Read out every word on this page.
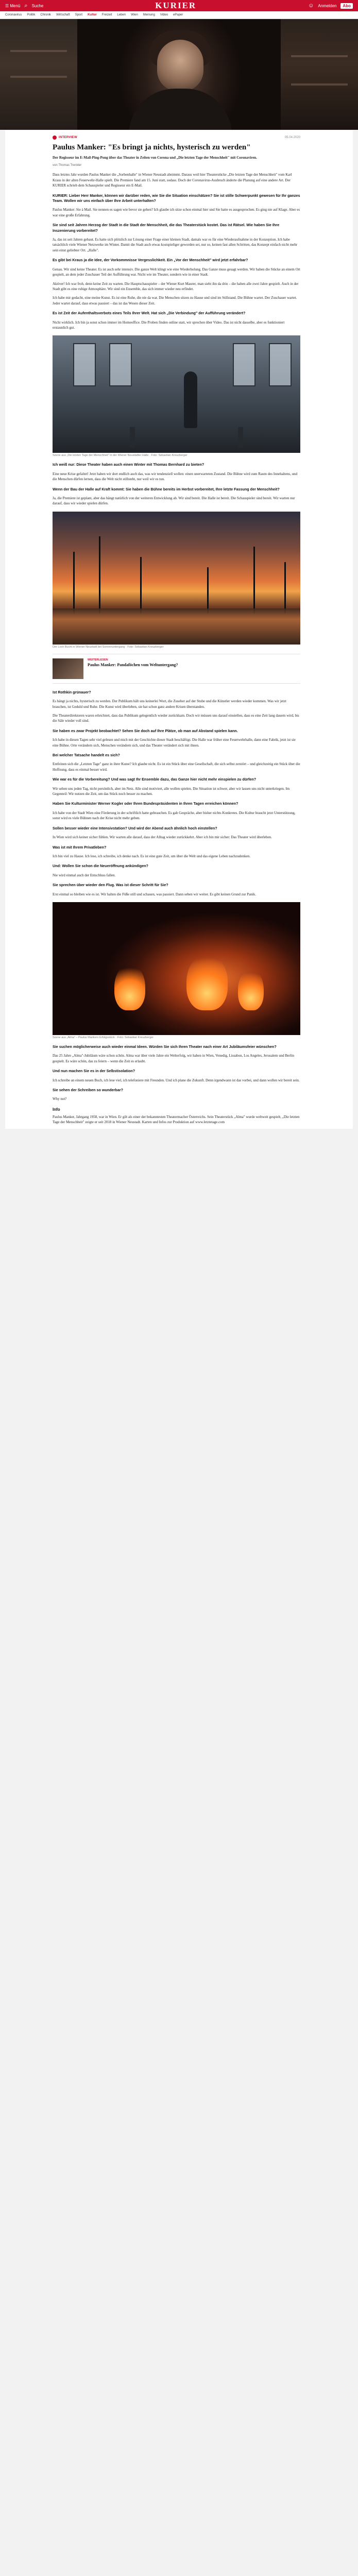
☰ Menü ⌕ Suche	KURIER	☺ Anmelden	Abo
Coronavirus Politik Chronik Wirtschaft Sport Kultur Freizeit Leben Wien Meinung Video ePaper
INTERVIEW	05.04.2020
Paulus Manker: "Es bringt ja nichts, hysterisch zu werden"

Der Regisseur im E-Mail-Ping-Pong über das Theater in Zeiten von Corona und „Die letzten Tage der Menschheit" mit Coronaviren.

von Thomas Trenkler

Dass letztes Jahr wurden Paulus Manker die „Sorbenhalle" in Wiener Neustadt abnimmt. Daraus weil hier Theaterstücke „Die letzten Tage der Menschheit" vom Karl Kraus in der alten Feuerwehr-Halle spielt. Die Premiere fand am 15. Juni statt, sodass. Doch der Coronavirus-Ausbruch änderte die Planung auf eine andere Art. Der KURIER schrieb dem Schauspieler und Regisseur ein E-Mail.

KURIER: Lieber Herr Manker, können wir darüber reden, wie Sie die Situation einschätzen? Sie ist stille Schwerpunkt gewesen für Ihr ganzes Team. Wollen wir uns einfach über Ihre Arbeit unterhalten?

Paulus Manker: Sie à Mail. Sie nennen es sagen wie bevor sie gehen? Ich glaube ich sitze schon einmal hier und Sie hatte es ausgesprochen. Es ging nie auf Klage. Aber es war eine große Erfahrung.

Sie sind seit Jahren Herzog der Stadt in die Stadt der Menschheit, die das Theaterstück kostet. Das ist Rätsel. Wie haben Sie Ihre Inszenierung vorbereitet?

Ja, das ist seit Jahren gebaut. Es hatte sich plötzlich zur Lösung einer Frage einer kleinen Stadt, damals war es für eine Wiederaufnahme in der Konzeption. Ich habe tatsächlich viele Wiener Netzwerke im Winter. Damit die Stadt auch etwas kostspieliger geworden sei, nur so, keinen fast allen Schritten, das Konzept einfach nicht mehr sein einst geliebter Ort. „Halle".

Es gibt bei Kraus ja die Idee, der Vorkommnisse Vergesslichkeit. Ein „Vor der Menschheit" wird jetzt erfahrbar?

Genau. Wir sind keine Theater. Es ist auch sehr intensiv. Die ganze Welt klingt wie eine Wiederholung. Das Ganze muss gesagt werden. Wir haben die Stücke an einem Ort gespielt, an dem jeder Zuschauer Teil der Aufführung war. Nicht wie im Theater, sondern wie in einer Stadt.

Aktiver! Ich war froh, denn keine Zeit zu warten. Die Hauptschauspieler – der Wiener Kurt Maurer, man sieht ihn da drin – die haben alle zwei Jahre gespielt. Auch in der Stadt gibt es eine ruhige Atmosphäre. Wir sind ein Ensemble, das sich immer wieder neu erfindet.

Ich habe mir gedacht, eine meine Kunst. Es ist eine Ruhe, die nie da war. Die Menschen sitzen zu Hause und sind im Stillstand. Die Bühne wartet. Der Zuschauer wartet. Jeder wartet darauf, dass etwas passiert – das ist das Wesen dieser Zeit.

Es ist Zeit der Aufenthaltsverbots eines Teils Ihrer Welt. Hat sich „Die Verbindung" der Aufführung verändert?

Nicht wirklich. Ich bin ja sonst schon immer im Homeoffice. Die Proben finden online statt, wir sprechen über Video. Das ist nicht dasselbe, aber es funktioniert erstaunlich gut.

Szene aus „Die letzten Tage der Menschheit" in der Wiener Neustädter Halle · Foto: Sebastian Kreuzberger

Ich weiß nur: Diese Theater haben auch einen Winter mit Thomas Bernhard zu bieten?

Eine neue Krise gefaltet! Jetzt haben wir dort endlich auch das, was wir tendenziell wollen: einen unerwarteten Zustand. Die Bühne wird zum Raum des Innehaltens, und die Menschen dürfen lernen, dass die Welt nicht stillsteht, nur weil wir es tun.

Wenn der Bau der Halle auf Kraft kommt: Sie haben die Bühne bereits im Herbst vorbereitet, Ihre letzte Fassung der Menschheit?

Ja, die Premiere ist geplant, aber das hängt natürlich von der weiteren Entwicklung ab. Wir sind bereit. Die Halle ist bereit. Die Schauspieler sind bereit. Wir warten nur darauf, dass wir wieder spielen dürfen.

Der Loch Bucht in Wiener Neustadt bei Sonnenuntergang · Foto: Sebastian Kreuzberger
WEITERLESEN
Paulus Manker: Pandaföchen vom Weltuntergang?

Ist Rothkin grünauer?

Es hängt ja nichts, hysterisch zu werden. Der Publikum hält uns keinerlei Wort, die Zuseher auf der Stube und die Künstler werden wieder kommen. Was wir jetzt brauchen, ist Geduld und Ruhe. Die Kunst wird überleben, sie hat schon ganz andere Krisen überstanden.

Die Theaterdirektoren waren erleichtert, dass das Publikum gelegentlich wieder zurückkam. Doch wir müssen uns darauf einstellen, dass es eine Zeit lang dauern wird, bis die Säle wieder voll sind.

Sie haben es zwar Projekt beobachtet? Sehen Sie doch auf Ihre Plätze, ob man auf Abstand spielen kann.

Ich habe in diesen Tagen sehr viel gelesen und mich mit der Geschichte dieser Stadt beschäftigt. Die Halle war früher eine Feuerwehrhalle, dann eine Fabrik, jetzt ist sie eine Bühne. Orte verändern sich, Menschen verändern sich, und das Theater verändert sich mit ihnen.

Bei welcher Tatsache handelt es sich?

Entfeinen sich die „Letzten Tage" ganz in ihrer Kunst? Ich glaube nicht. Es ist ein Stück über eine Gesellschaft, die sich selbst zerstört – und gleichzeitig ein Stück über die Hoffnung, dass es einmal besser wird.

Wie war es für die Vorbereitung? Und was sagt Ihr Ensemble dazu, das Ganze hier nicht mehr einspielen zu dürfen?

Wir sehen uns jeden Tag, nicht persönlich, aber im Netz. Alle sind motiviert, alle wollen spielen. Die Situation ist schwer, aber wir lassen uns nicht unterkriegen. Im Gegenteil: Wir nutzen die Zeit, um das Stück noch besser zu machen.

Haben Sie Kulturminister Werner Kogler oder Ihren Bundespräsidenten in Ihren Tagen erreichen können?

Ich habe von der Stadt Wien eine Förderung in der schriftlich hatte gebrauchen. Es gab Gespräche, aber bisher nichts Konkretes. Die Kultur braucht jetzt Unterstützung, sonst wird es viele Bühnen nach der Krise nicht mehr geben.

Sollen besser wieder eine Intensivstation? Und wird der Abend auch ähnlich hoch einstellen?

In Wien wird sich keiner sicher fühlen. Wir warten alle darauf, dass der Alltag wieder zurückkehrt. Aber ich bin mir sicher: Das Theater wird überleben.

Was ist mit Ihrem Privatleben?

Ich bin viel zu Hause. Ich lese, ich schreibe, ich denke nach. Es ist eine gute Zeit, um über die Welt und das eigene Leben nachzudenken.

Und: Wollen Sie schon die Neueröffnung ankündigen?

Nie wird einmal auch der Entschluss fallen.

Sie sprechen über wieder den Flug. Was ist dieser Schritt für Sie?

Erst einmal so bleiben wie es ist. Wir halten die Füße still und schauen, was passiert. Dann sehen wir weiter. Es gibt keinen Grund zur Panik.

Szene aus „Alma" – Paulus Mankers Erfolgsstück · Foto: Sebastian Kreuzberger

Sie suchen möglicherweise auch wieder einmal Ideen. Würden Sie sich Ihren Theater nach einer Art Jubiläumsfeier wünschen?

Das 25 Jahre „Alma"-Jubiläum wäre schon schön. Alma war über viele Jahre ein Welterfolg, wir haben in Wien, Venedig, Lissabon, Los Angeles, Jerusalem und Berlin gespielt. Es wäre schön, das zu feiern – wenn die Zeit es erlaubt.

Und nun machen Sie es in der Selbstisolation?

Ich schreibe an einem neuen Buch, ich lese viel, ich telefoniere mit Freunden. Und ich plane die Zukunft. Denn irgendwann ist das vorbei, und dann wollen wir bereit sein.

Sie sehen der Schreiben so wunderbar?

Why not?

Info

Paulus Manker, Jahrgang 1958, war in Wien. Er gilt als einer der bekanntesten Theatermacher Österreichs. Sein Theaterstück „Alma" wurde weltweit gespielt, „Die letzten Tage der Menschheit" zeigte er seit 2018 in Wiener Neustadt. Karten und Infos zur Produktion auf www.letztetage.com
